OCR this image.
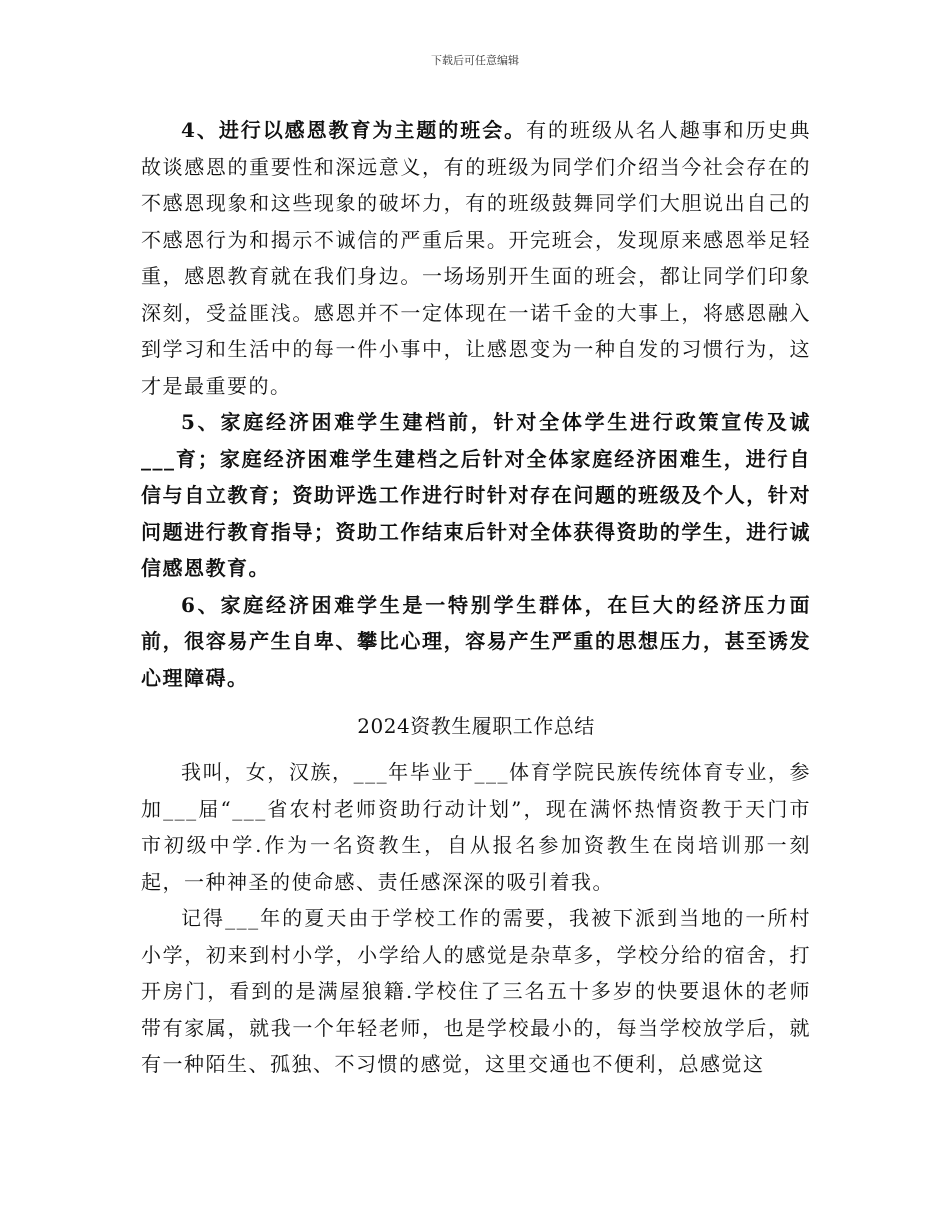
下载后可任意编辑

4、进行以感恩教育为主题的班会。有的班级从名人趣事和历史典故谈感恩的重要性和深远意义，有的班级为同学们介绍当今社会存在的不感恩现象和这些现象的破坏力，有的班级鼓舞同学们大胆说出自己的不感恩行为和揭示不诚信的严重后果。开完班会，发现原来感恩举足轻重，感恩教育就在我们身边。一场场别开生面的班会，都让同学们印象深刻，受益匪浅。感恩并不一定体现在一诺千金的大事上，将感恩融入到学习和生活中的每一件小事中，让感恩变为一种自发的习惯行为，这才是最重要的。

5、家庭经济困难学生建档前，针对全体学生进行政策宣传及诚___育；家庭经济困难学生建档之后针对全体家庭经济困难生，进行自信与自立教育；资助评选工作进行时针对存在问题的班级及个人，针对问题进行教育指导；资助工作结束后针对全体获得资助的学生，进行诚信感恩教育。

6、家庭经济困难学生是一特别学生群体，在巨大的经济压力面前，很容易产生自卑、攀比心理，容易产生严重的思想压力，甚至诱发心理障碍。

2024资教生履职工作总结

我叫，女，汉族，___年毕业于___体育学院民族传统体育专业，参加___届“___省农村老师资助行动计划”，现在满怀热情资教于天门市市初级中学.作为一名资教生，自从报名参加资教生在岗培训那一刻起，一种神圣的使命感、责任感深深的吸引着我。

记得___年的夏天由于学校工作的需要，我被下派到当地的一所村小学，初来到村小学，小学给人的感觉是杂草多，学校分给的宿舍，打开房门，看到的是满屋狼籍.学校住了三名五十多岁的快要退休的老师带有家属，就我一个年轻老师，也是学校最小的，每当学校放学后，就有一种陌生、孤独、不习惯的感觉，这里交通也不便利，总感觉这
